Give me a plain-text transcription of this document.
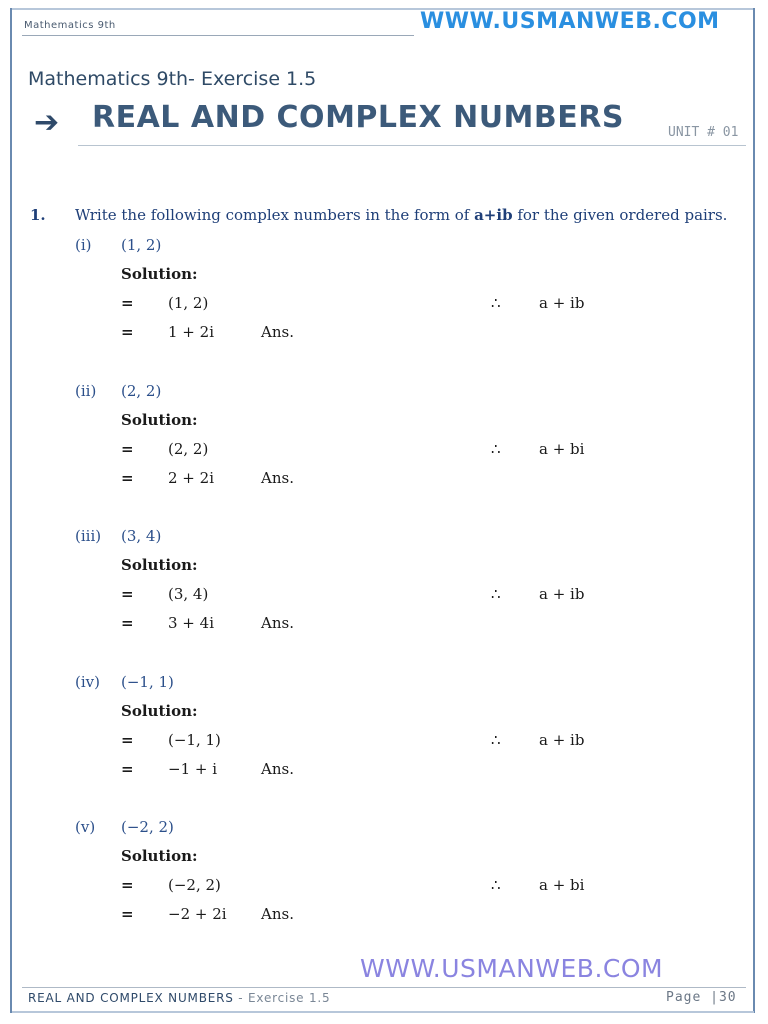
Mathematics 9th	WWW.USMANWEB.COM
Mathematics 9th- Exercise 1.5
➔ REAL AND COMPLEX NUMBERS	UNIT # 01
1. Write the following complex numbers in the form of a+ib for the given ordered pairs.
(i) (1, 2)
Solution:
= (1, 2)	∴	a + ib
= 1 + 2i	Ans.
(ii) (2, 2)
Solution:
= (2, 2)	∴	a + bi
= 2 + 2i	Ans.
(iii) (3, 4)
Solution:
= (3, 4)	∴	a + ib
= 3 + 4i	Ans.
(iv) (−1, 1)
Solution:
= (−1, 1)	∴	a + ib
= −1 + i	Ans.
(v) (−2, 2)
Solution:
= (−2, 2)	∴	a + bi
= −2 + 2i Ans.
WWW.USMANWEB.COM
REAL AND COMPLEX NUMBERS - Exercise 1.5	Page |30
